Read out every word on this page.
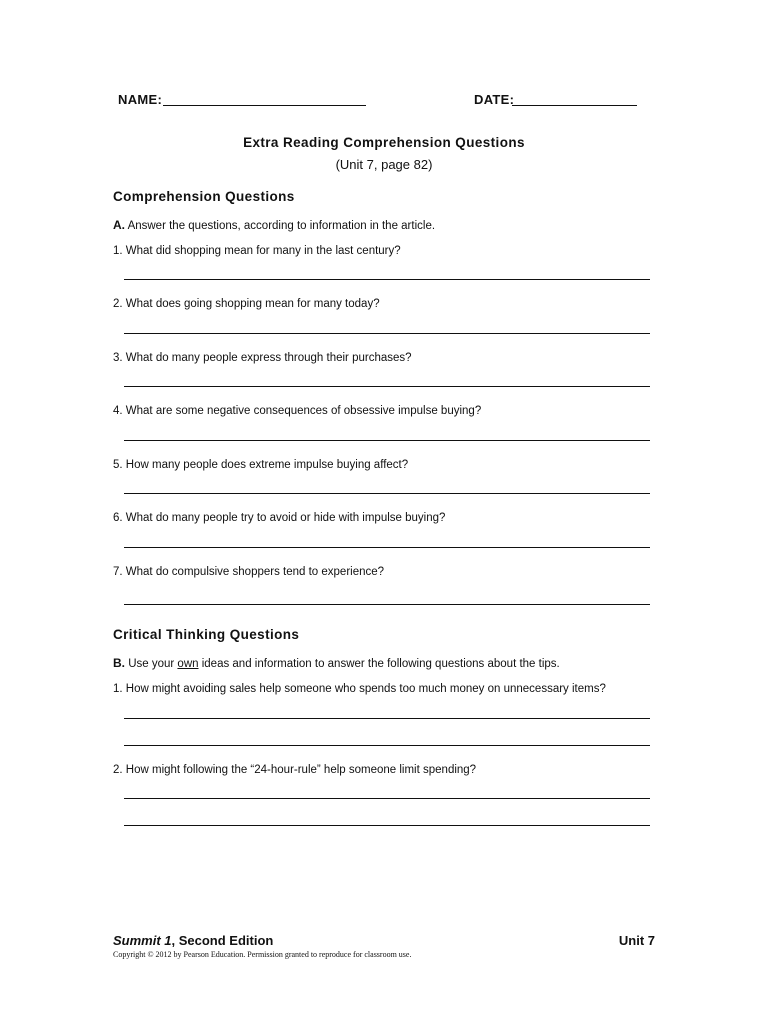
NAME:	DATE:
Extra Reading Comprehension Questions
(Unit 7, page 82)
Comprehension Questions
A. Answer the questions, according to information in the article.
1. What did shopping mean for many in the last century?
2. What does going shopping mean for many today?
3. What do many people express through their purchases?
4. What are some negative consequences of obsessive impulse buying?
5. How many people does extreme impulse buying affect?
6. What do many people try to avoid or hide with impulse buying?
7. What do compulsive shoppers tend to experience?
Critical Thinking Questions
B. Use your own ideas and information to answer the following questions about the tips.
1. How might avoiding sales help someone who spends too much money on unnecessary items?
2. How might following the “24-hour-rule” help someone limit spending?
Summit 1, Second Edition	Unit 7
Copyright © 2012 by Pearson Education. Permission granted to reproduce for classroom use.
